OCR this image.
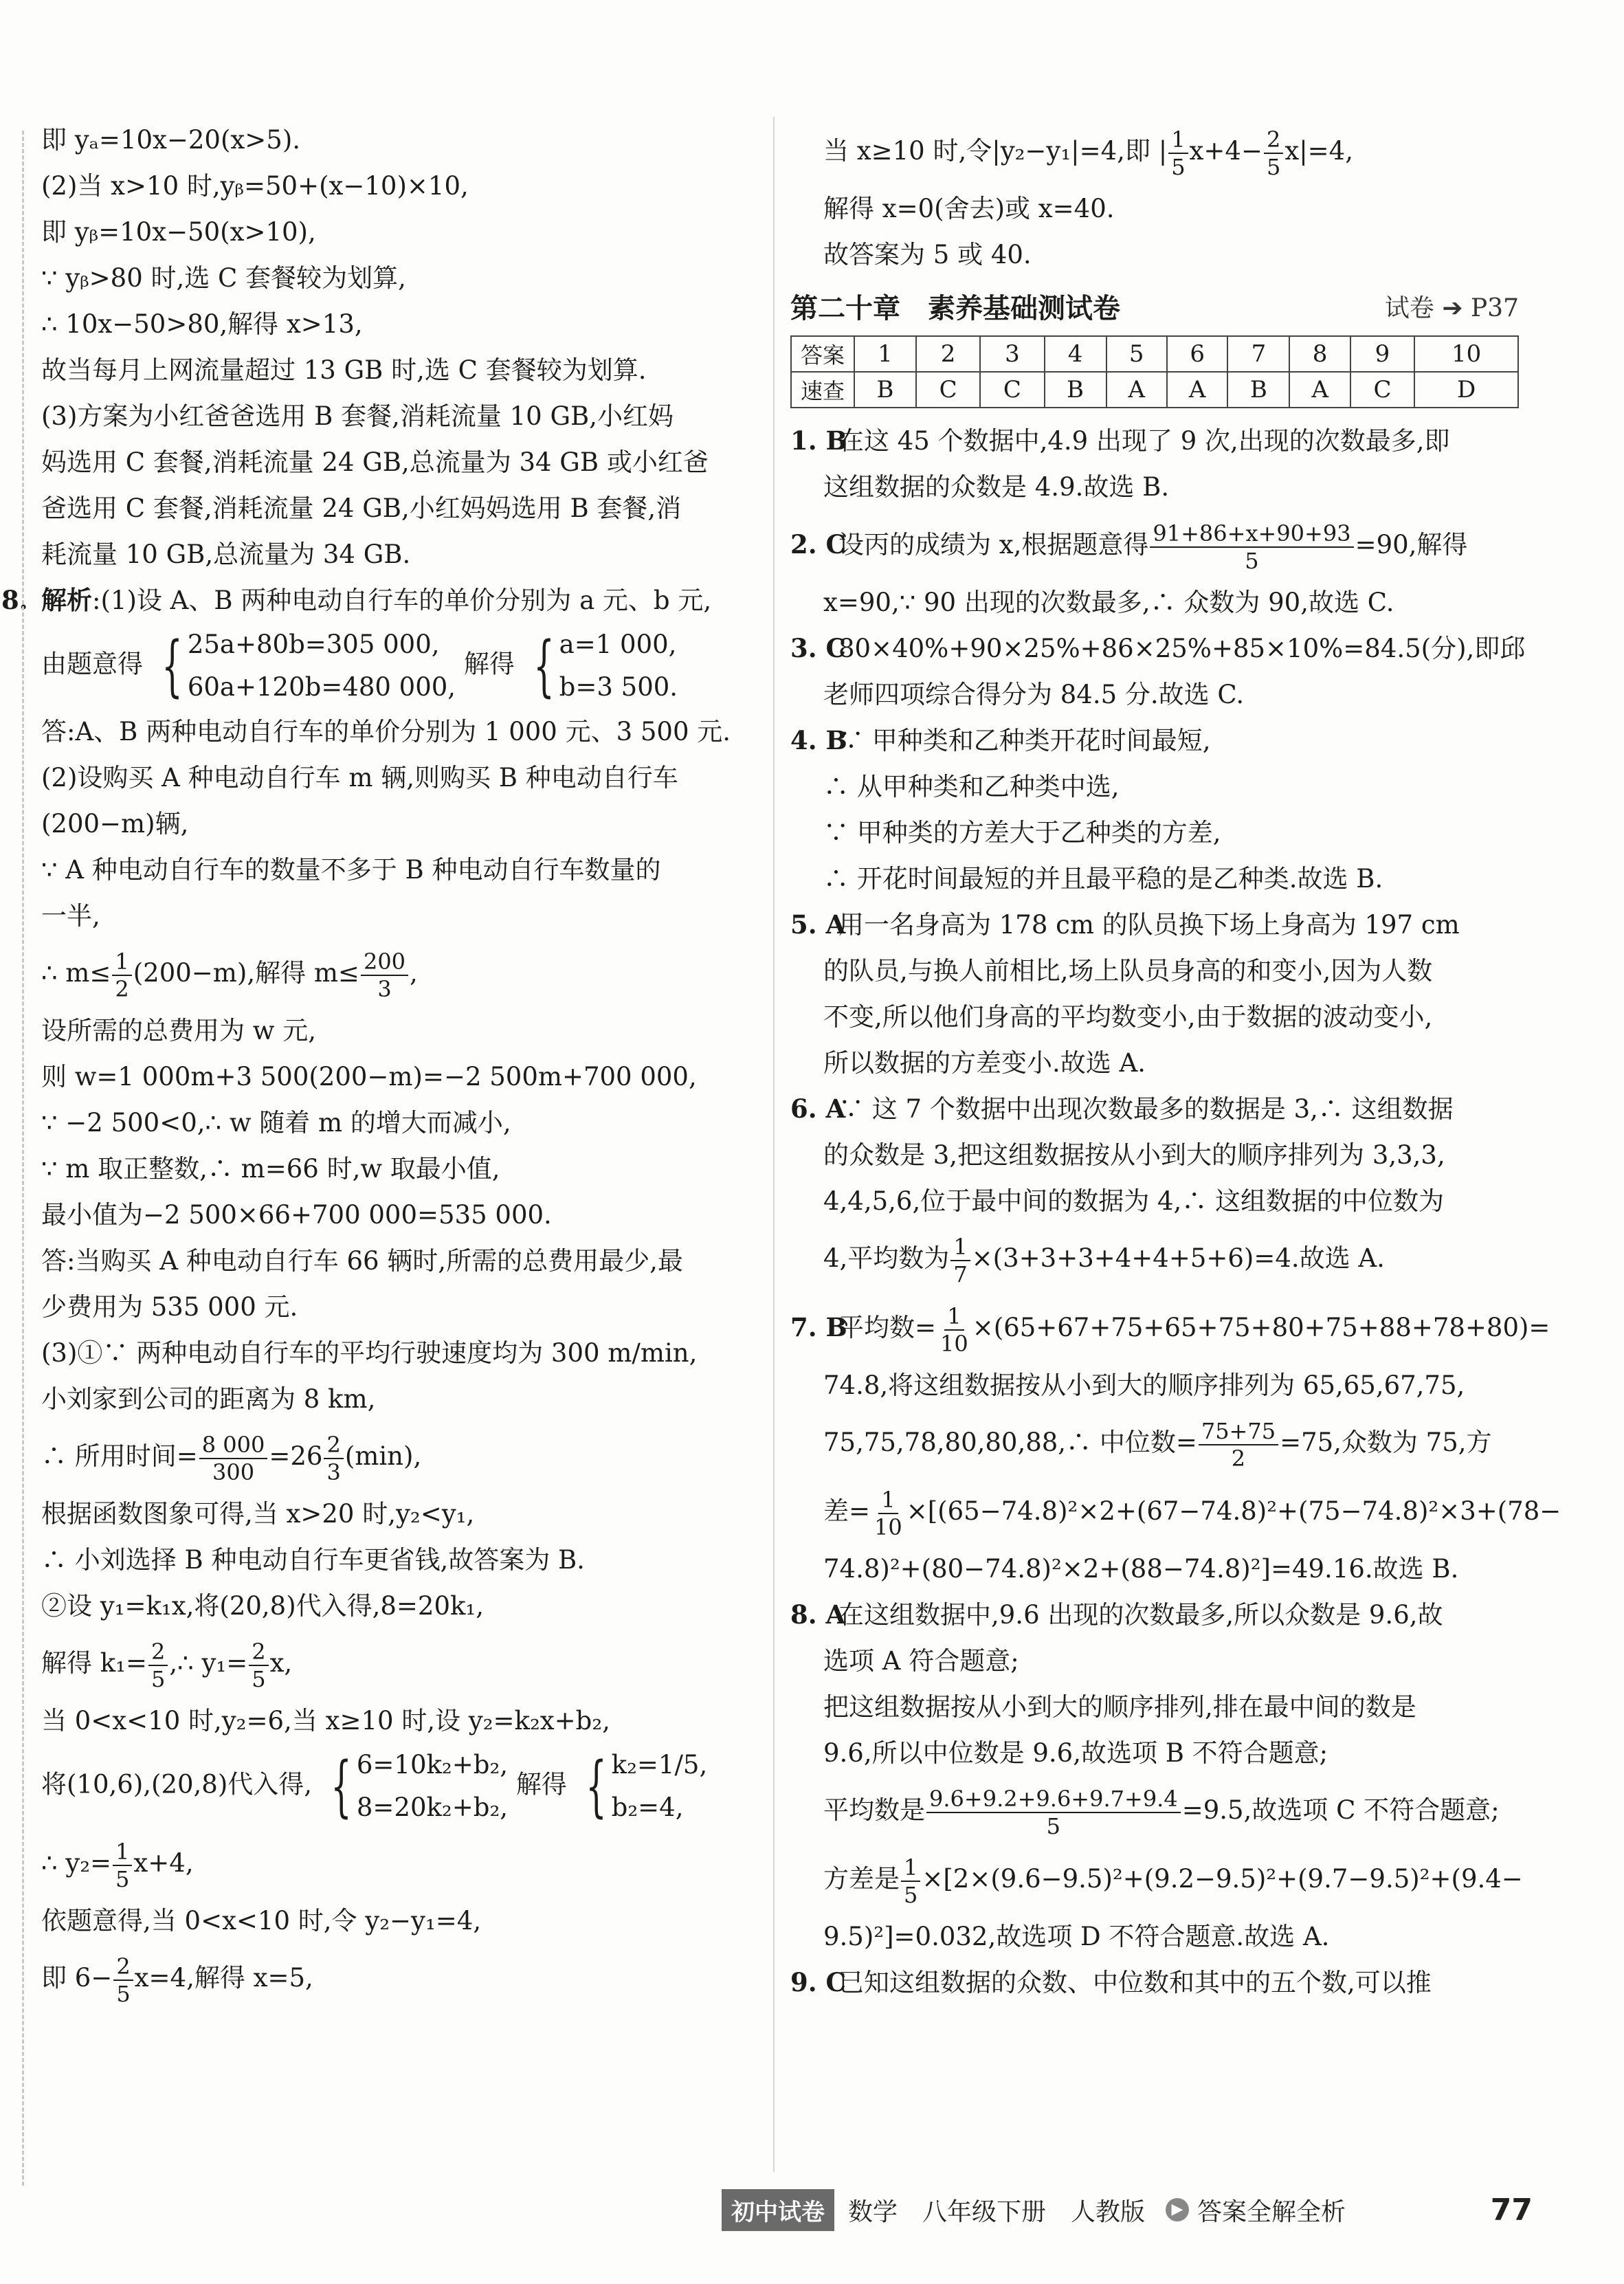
即 yₐ=10x−20(x>5).
(2)当 x>10 时,yᵦ=50+(x−10)×10,
即 yᵦ=10x−50(x>10),
∵ yᵦ>80 时,选 C 套餐较为划算,
∴ 10x−50>80,解得 x>13,
故当每月上网流量超过 13 GB 时,选 C 套餐较为划算.
(3)方案为小红爸爸选用 B 套餐,消耗流量 10 GB,小红妈
妈选用 C 套餐,消耗流量 24 GB,总流量为 34 GB 或小红爸
爸选用 C 套餐,消耗流量 24 GB,小红妈妈选用 B 套餐,消
耗流量 10 GB,总流量为 34 GB.
8. 解析:(1)设 A、B 两种电动自行车的单价分别为 a 元、b 元,
由题意得 { 25a+80b=305 000,
60a+120b=480 000,
解得 { a=1 000,
b=3 500.
答:A、B 两种电动自行车的单价分别为 1 000 元、3 500 元.
(2)设购买 A 种电动自行车 m 辆,则购买 B 种电动自行车
(200−m)辆,
∵ A 种电动自行车的数量不多于 B 种电动自行车数量的
一半,
∴ $m\le \frac{1}{2} (200-m)$,解得 $m\le \frac{200}{3}$ ,
设所需的总费用为 w 元,
则 w=1 000m+3 500(200−m)=−2 500m+700 000,
∵ −2 500<0,∴ w 随着 m 的增大而减小,
∵ m 取正整数,∴ m=66 时,w 取最小值,
最小值为−2 500×66+700 000=535 000.
答:当购买 A 种电动自行车 66 辆时,所需的总费用最少,最
少费用为 535 000 元.
(3)①∵ 两种电动自行车的平均行驶速度均为 300 m/min,
小刘家到公司的距离为 8 km,
∴ 所用时间= $\frac{8 000}{300} =26 \frac{2}{3} (\min)$,
根据函数图象可得,当 x>20 时,y₂<y₁,
∴ 小刘选择 B 种电动自行车更省钱,故答案为 B.
②设 y₁=k₁x,将(20,8)代入得,8=20k₁,
解得 $k_1= \frac{2}{5}$ ,∴ $y_1= \frac{2}{5} x$,
当 0<x<10 时,y₂=6,当 x≥10 时,设 y₂=k₂x+b₂,
将(10,6),(20,8)代入得, { 6=10k₂+b₂,
8=20k₂+b₂,
解得 { k₂=1/5,
b₂=4,
∴ $y_2= \frac{1}{5} x+4$,
依题意得,当 0<x<10 时,令 y₂−y₁=4,
即 $6- \frac{2}{5} x=4$,解得 x=5,
当 x≥10 时,令|y₂−y₁|=4,即 | $\frac{1}{5} x+4- \frac{2}{5} x|=4$,
解得 x=0(舍去)或 x=40.
故答案为 5 或 40.
第二十章　素养基础测试卷	试卷 ➔ P37
答案	1	2	3	4	5	6	7	8	9	10
速查	B	C	C	B	A	A	B	A	C	D
1. B在这 45 个数据中,4.9 出现了 9 次,出现的次数最多,即
这组数据的众数是 4.9.故选 B.
2. C设丙的成绩为 x,根据题意得 $\frac{91+86+x+90+93}{5} =90$,解得
x=90,∵ 90 出现的次数最多,∴ 众数为 90,故选 C.
3. C80×40%+90×25%+86×25%+85×10%=84.5(分),即邱
老师四项综合得分为 84.5 分.故选 C.
4. B∵ 甲种类和乙种类开花时间最短,
∴ 从甲种类和乙种类中选,
∵ 甲种类的方差大于乙种类的方差,
∴ 开花时间最短的并且最平稳的是乙种类.故选 B.
5. A用一名身高为 178 cm 的队员换下场上身高为 197 cm
的队员,与换人前相比,场上队员身高的和变小,因为人数
不变,所以他们身高的平均数变小,由于数据的波动变小,
所以数据的方差变小.故选 A.
6. A∵ 这 7 个数据中出现次数最多的数据是 3,∴ 这组数据
的众数是 3,把这组数据按从小到大的顺序排列为 3,3,3,
4,4,5,6,位于最中间的数据为 4,∴ 这组数据的中位数为
4,平均数为 $\frac{1}{7} \times(3+3+3+4+4+5+6)=4$.故选 A.
7. B平均数= $\frac{1}{10} \times(65+67+75+65+75+80+75+88+78+80)=$
74.8,将这组数据按从小到大的顺序排列为 65,65,67,75,
75,75,78,80,80,88,∴ 中位数= $\frac{75+75}{2} =75$,众数为 75,方
差= $\frac{1}{10} \times[(65-74.8)^2\times 2+(67-74.8)^2+(75-74.8)^2\times 3+(78-$
74.8)²+(80−74.8)²×2+(88−74.8)²]=49.16.故选 B.
8. A在这组数据中,9.6 出现的次数最多,所以众数是 9.6,故
选项 A 符合题意;
把这组数据按从小到大的顺序排列,排在最中间的数是
9.6,所以中位数是 9.6,故选项 B 不符合题意;
平均数是 $\frac{9.6+9.2+9.6+9.7+9.4}{5} =9.5$,故选项 C 不符合题意;
方差是 $\frac{1}{5} \times[2\times(9.6-9.5)^2+(9.2-9.5)^2+(9.7-9.5)^2+(9.4-$
9.5)²]=0.032,故选项 D 不符合题意.故选 A.
9. C已知这组数据的众数、中位数和其中的五个数,可以推
初中试卷 数学　八年级下册　人教版	▶ 答案全解全析	77
